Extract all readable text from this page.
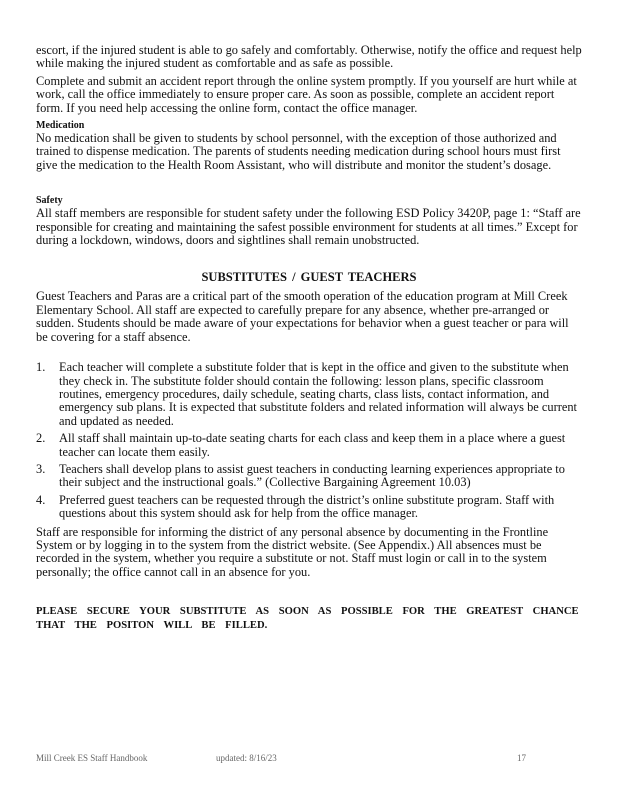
escort, if the injured student is able to go safely and comfortably. Otherwise, notify the office and request help while making the injured student as comfortable and as safe as possible.

Complete and submit an accident report through the online system promptly. If you yourself are hurt while at work, call the office immediately to ensure proper care. As soon as possible, complete an accident report form. If you need help accessing the online form, contact the office manager.

Medication

No medication shall be given to students by school personnel, with the exception of those authorized and trained to dispense medication. The parents of students needing medication during school hours must first give the medication to the Health Room Assistant, who will distribute and monitor the student’s dosage.

Safety

All staff members are responsible for student safety under the following ESD Policy 3420P, page 1: “Staff are responsible for creating and maintaining the safest possible environment for students at all times.” Except for during a lockdown, windows, doors and sightlines shall remain unobstructed.

SUBSTITUTES / GUEST TEACHERS

Guest Teachers and Paras are a critical part of the smooth operation of the education program at Mill Creek Elementary School. All staff are expected to carefully prepare for any absence, whether pre-arranged or sudden. Students should be made aware of your expectations for behavior when a guest teacher or para will be covering for a staff absence.

1. Each teacher will complete a substitute folder that is kept in the office and given to the substitute when they check in. The substitute folder should contain the following: lesson plans, specific classroom routines, emergency procedures, daily schedule, seating charts, class lists, contact information, and emergency sub plans. It is expected that substitute folders and related information will always be current and updated as needed.
2. All staff shall maintain up-to-date seating charts for each class and keep them in a place where a guest teacher can locate them easily.
3. Teachers shall develop plans to assist guest teachers in conducting learning experiences appropriate to their subject and the instructional goals.” (Collective Bargaining Agreement 10.03)
4. Preferred guest teachers can be requested through the district’s online substitute program. Staff with questions about this system should ask for help from the office manager.

Staff are responsible for informing the district of any personal absence by documenting in the Frontline System or by logging in to the system from the district website. (See Appendix.) All absences must be recorded in the system, whether you require a substitute or not. Staff must login or call in to the system personally; the office cannot call in an absence for you.

PLEASE SECURE YOUR SUBSTITUTE AS SOON AS POSSIBLE FOR THE GREATEST CHANCE THAT THE POSITON WILL BE FILLED.

Mill Creek ES Staff Handbook	updated: 8/16/23	17
